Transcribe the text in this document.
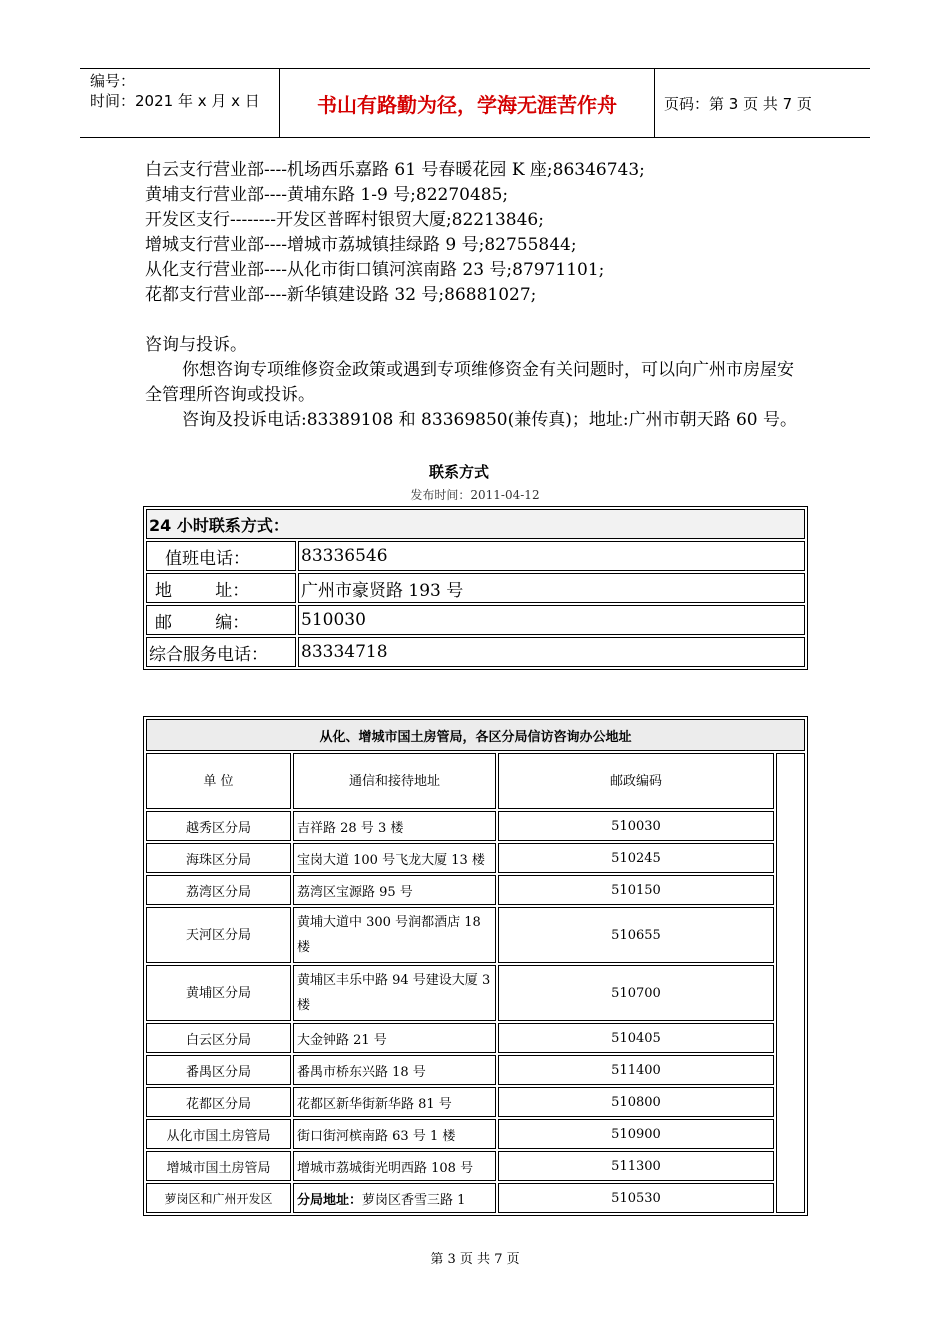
编号：
时间：2021 年 x 月 x 日	书山有路勤为径，学海无涯苦作舟	页码：第 3 页 共 7 页
白云支行营业部----机场西乐嘉路 61 号春暖花园 K 座;86346743;
黄埔支行营业部----黄埔东路 1-9 号;82270485;
开发区支行--------开发区普晖村银贸大厦;82213846;
增城支行营业部----增城市荔城镇挂绿路 9 号;82755844;
从化支行营业部----从化市街口镇河滨南路 23 号;87971101;
花都支行营业部----新华镇建设路 32 号;86881027;
咨询与投诉。
你想咨询专项维修资金政策或遇到专项维修资金有关问题时，可以向广州市房屋安全管理所咨询或投诉。
咨询及投诉电话:83389108 和 83369850(兼传真)；地址:广州市朝天路 60 号。
联系方式
发布时间：2011-04-12
24 小时联系方式：	
值班电话：	83336546
地        址：	广州市豪贤路 193 号
邮        编：	510030
综合服务电话：	83334718
从化、增城市国土房管局，各区分局信访咨询办公地址			
单 位	通信和接待地址	邮政编码	
越秀区分局	吉祥路 28 号 3 楼	510030	
海珠区分局	宝岗大道 100 号飞龙大厦 13 楼	510245	
荔湾区分局	荔湾区宝源路 95 号	510150	
天河区分局	黄埔大道中 300 号润都酒店 18 楼	510655	
黄埔区分局	黄埔区丰乐中路 94 号建设大厦 3 楼	510700	
白云区分局	大金钟路 21 号	510405	
番禺区分局	番禺市桥东兴路 18 号	511400	
花都区分局	花都区新华街新华路 81 号	510800	
从化市国土房管局	街口街河槟南路 63 号 1 楼	510900	
增城市国土房管局	增城市荔城街光明西路 108 号	511300	
萝岗区和广州开发区	分局地址：萝岗区香雪三路 1	510530	
第 3 页 共 7 页
